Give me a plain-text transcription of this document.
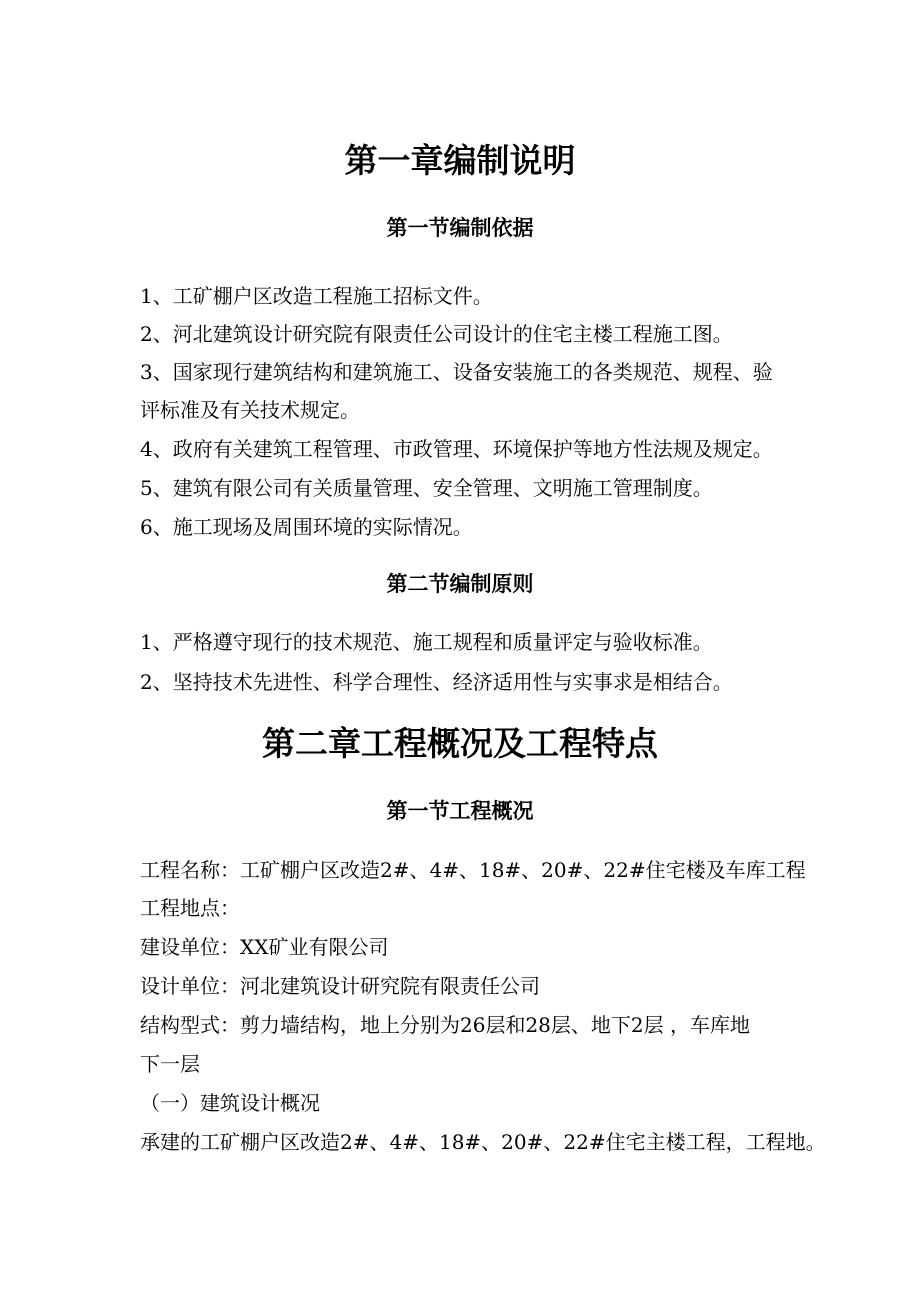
第一章编制说明
第一节编制依据
1、工矿棚户区改造工程施工招标文件。
2、河北建筑设计研究院有限责任公司设计的住宅主楼工程施工图。
3、国家现行建筑结构和建筑施工、设备安装施工的各类规范、规程、验
评标准及有关技术规定。
4、政府有关建筑工程管理、市政管理、环境保护等地方性法规及规定。
5、建筑有限公司有关质量管理、安全管理、文明施工管理制度。
6、施工现场及周围环境的实际情况。
第二节编制原则
1、严格遵守现行的技术规范、施工规程和质量评定与验收标准。
2、坚持技术先进性、科学合理性、经济适用性与实事求是相结合。
第二章工程概况及工程特点
第一节工程概况
工程名称：工矿棚户区改造2#、4#、18#、20#、22#住宅楼及车库工程
工程地点：
建设单位：XX矿业有限公司
设计单位：河北建筑设计研究院有限责任公司
结构型式：剪力墙结构，地上分别为26层和28层、地下2层 ，车库地
下一层
（一）建筑设计概况
承建的工矿棚户区改造2#、4#、18#、20#、22#住宅主楼工程，工程地。
